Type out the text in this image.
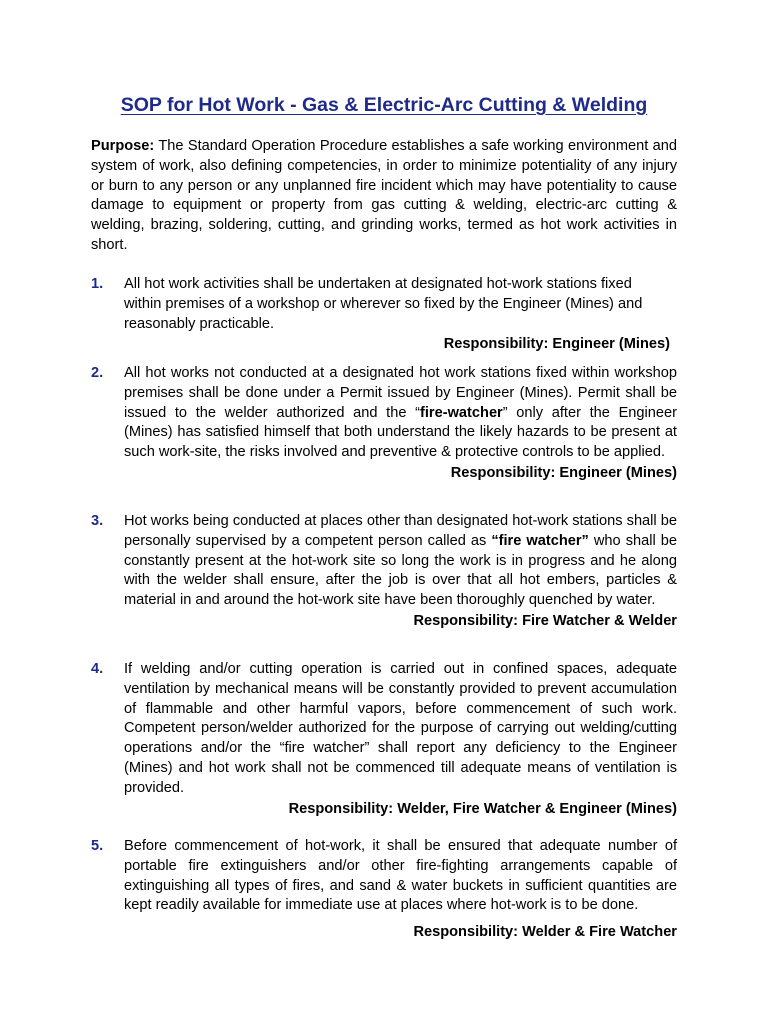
SOP for Hot Work - Gas & Electric-Arc Cutting & Welding

Purpose: The Standard Operation Procedure establishes a safe working environment and system of work, also defining competencies, in order to minimize potentiality of any injury or burn to any person or any unplanned fire incident which may have potentiality to cause damage to equipment or property from gas cutting & welding, electric-arc cutting & welding, brazing, soldering, cutting, and grinding works, termed as hot work activities in short.

1. All hot work activities shall be undertaken at designated hot-work stations fixed within premises of a workshop or wherever so fixed by the Engineer (Mines) and reasonably practicable.
Responsibility: Engineer (Mines)
2. All hot works not conducted at a designated hot work stations fixed within workshop premises shall be done under a Permit issued by Engineer (Mines). Permit shall be issued to the welder authorized and the “fire-watcher” only after the Engineer (Mines) has satisfied himself that both understand the likely hazards to be present at such work-site, the risks involved and preventive & protective controls to be applied.
Responsibility: Engineer (Mines)
3. Hot works being conducted at places other than designated hot-work stations shall be personally supervised by a competent person called as “fire watcher” who shall be constantly present at the hot-work site so long the work is in progress and he along with the welder shall ensure, after the job is over that all hot embers, particles & material in and around the hot-work site have been thoroughly quenched by water.
Responsibility: Fire Watcher & Welder
4. If welding and/or cutting operation is carried out in confined spaces, adequate ventilation by mechanical means will be constantly provided to prevent accumulation of flammable and other harmful vapors, before commencement of such work. Competent person/welder authorized for the purpose of carrying out welding/cutting operations and/or the “fire watcher” shall report any deficiency to the Engineer (Mines) and hot work shall not be commenced till adequate means of ventilation is provided.
Responsibility: Welder, Fire Watcher & Engineer (Mines)
5. Before commencement of hot-work, it shall be ensured that adequate number of portable fire extinguishers and/or other fire-fighting arrangements capable of extinguishing all types of fires, and sand & water buckets in sufficient quantities are kept readily available for immediate use at places where hot-work is to be done.
Responsibility: Welder & Fire Watcher
